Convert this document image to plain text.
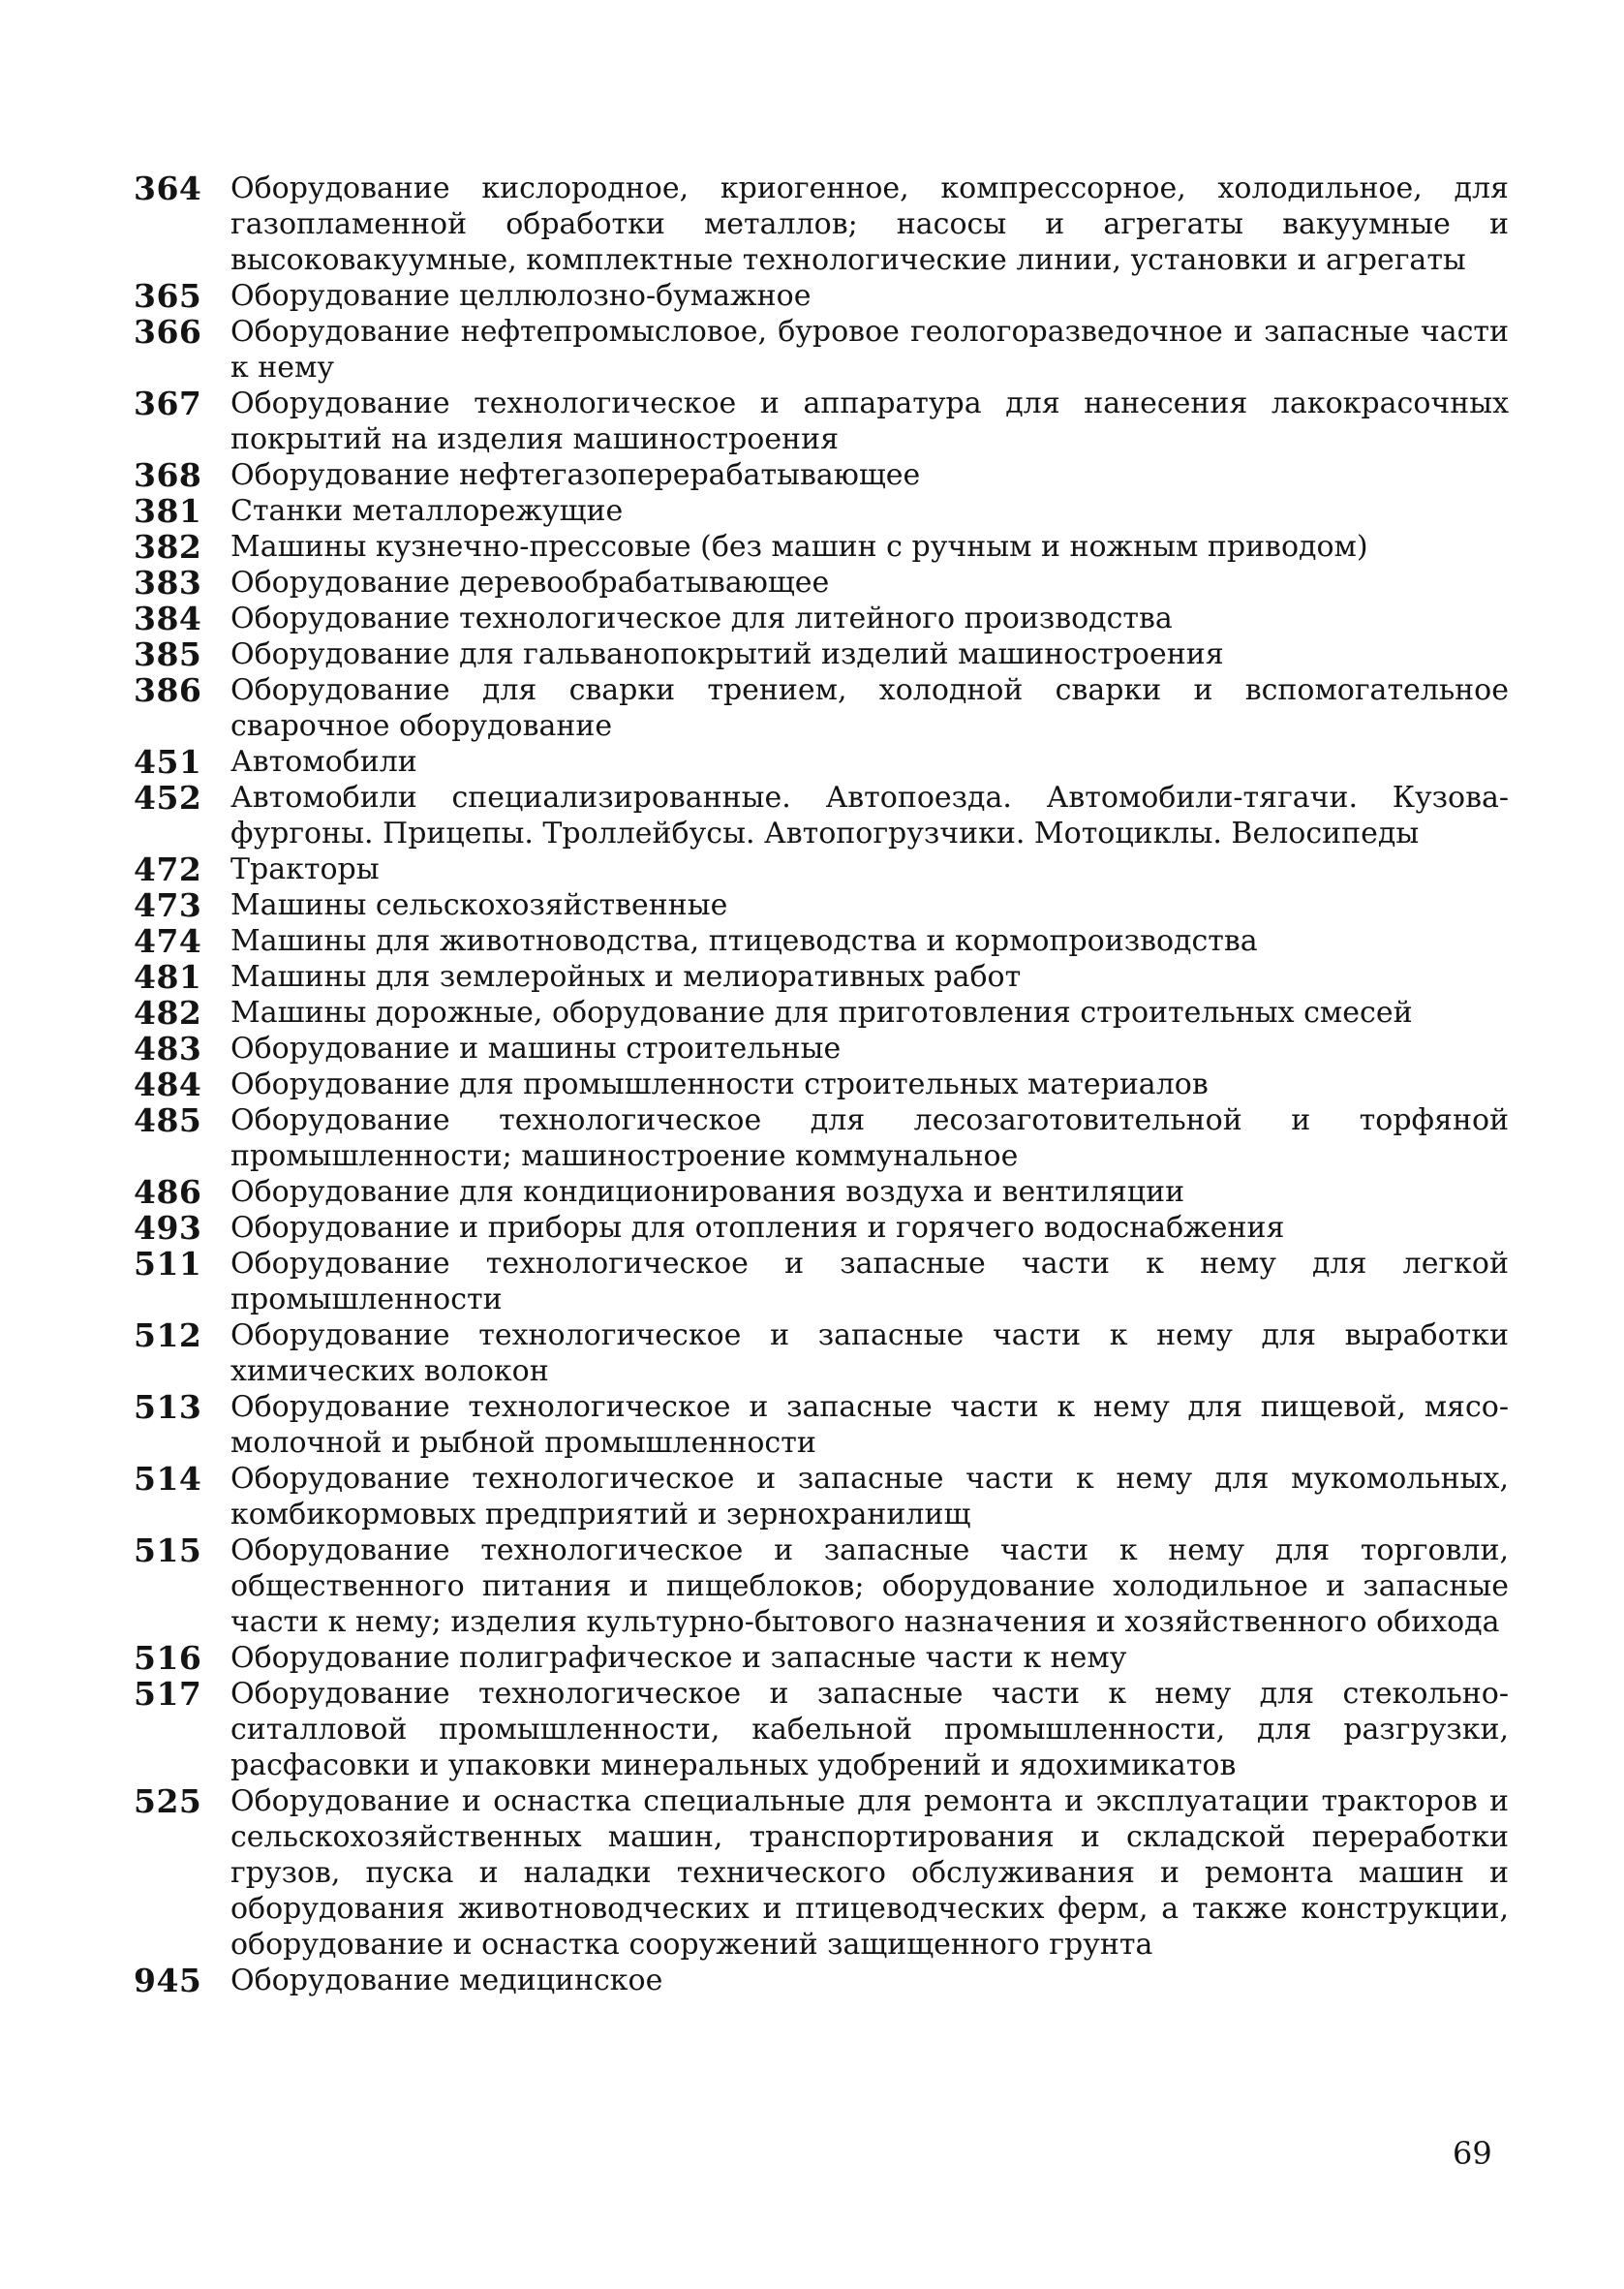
364 Оборудование кислородное, криогенное, компрессорное, холодильное, для газопламенной обработки металлов; насосы и агрегаты вакуумные и высоковакуумные, комплектные технологические линии, установки и агрегаты
365 Оборудование целлюлозно-бумажное
366 Оборудование нефтепромысловое, буровое геологоразведочное и запасные части к нему
367 Оборудование технологическое и аппаратура для нанесения лакокрасочных покрытий на изделия машиностроения
368 Оборудование нефтегазоперерабатывающее
381 Станки металлорежущие
382 Машины кузнечно-прессовые (без машин с ручным и ножным приводом)
383 Оборудование деревообрабатывающее
384 Оборудование технологическое для литейного производства
385 Оборудование для гальванопокрытий изделий машиностроения
386 Оборудование для сварки трением, холодной сварки и вспомогательное сварочное оборудование
451 Автомобили
452 Автомобили специализированные. Автопоезда. Автомобили-тягачи. Кузова-фургоны. Прицепы. Троллейбусы. Автопогрузчики. Мотоциклы. Велосипеды
472 Тракторы
473 Машины сельскохозяйственные
474 Машины для животноводства, птицеводства и кормопроизводства
481 Машины для землеройных и мелиоративных работ
482 Машины дорожные, оборудование для приготовления строительных смесей
483 Оборудование и машины строительные
484 Оборудование для промышленности строительных материалов
485 Оборудование технологическое для лесозаготовительной и торфяной промышленности; машиностроение коммунальное
486 Оборудование для кондиционирования воздуха и вентиляции
493 Оборудование и приборы для отопления и горячего водоснабжения
511 Оборудование технологическое и запасные части к нему для легкой промышленности
512 Оборудование технологическое и запасные части к нему для выработки химических волокон
513 Оборудование технологическое и запасные части к нему для пищевой, мясо-молочной и рыбной промышленности
514 Оборудование технологическое и запасные части к нему для мукомольных, комбикормовых предприятий и зернохранилищ
515 Оборудование технологическое и запасные части к нему для торговли, общественного питания и пищеблоков; оборудование холодильное и запасные части к нему; изделия культурно-бытового назначения и хозяйственного обихода
516 Оборудование полиграфическое и запасные части к нему
517 Оборудование технологическое и запасные части к нему для стекольно-ситалловой промышленности, кабельной промышленности, для разгрузки, расфасовки и упаковки минеральных удобрений и ядохимикатов
525 Оборудование и оснастка специальные для ремонта и эксплуатации тракторов и сельскохозяйственных машин, транспортирования и складской переработки грузов, пуска и наладки технического обслуживания и ремонта машин и оборудования животноводческих и птицеводческих ферм, а также конструкции, оборудование и оснастка сооружений защищенного грунта
945 Оборудование медицинское
69
